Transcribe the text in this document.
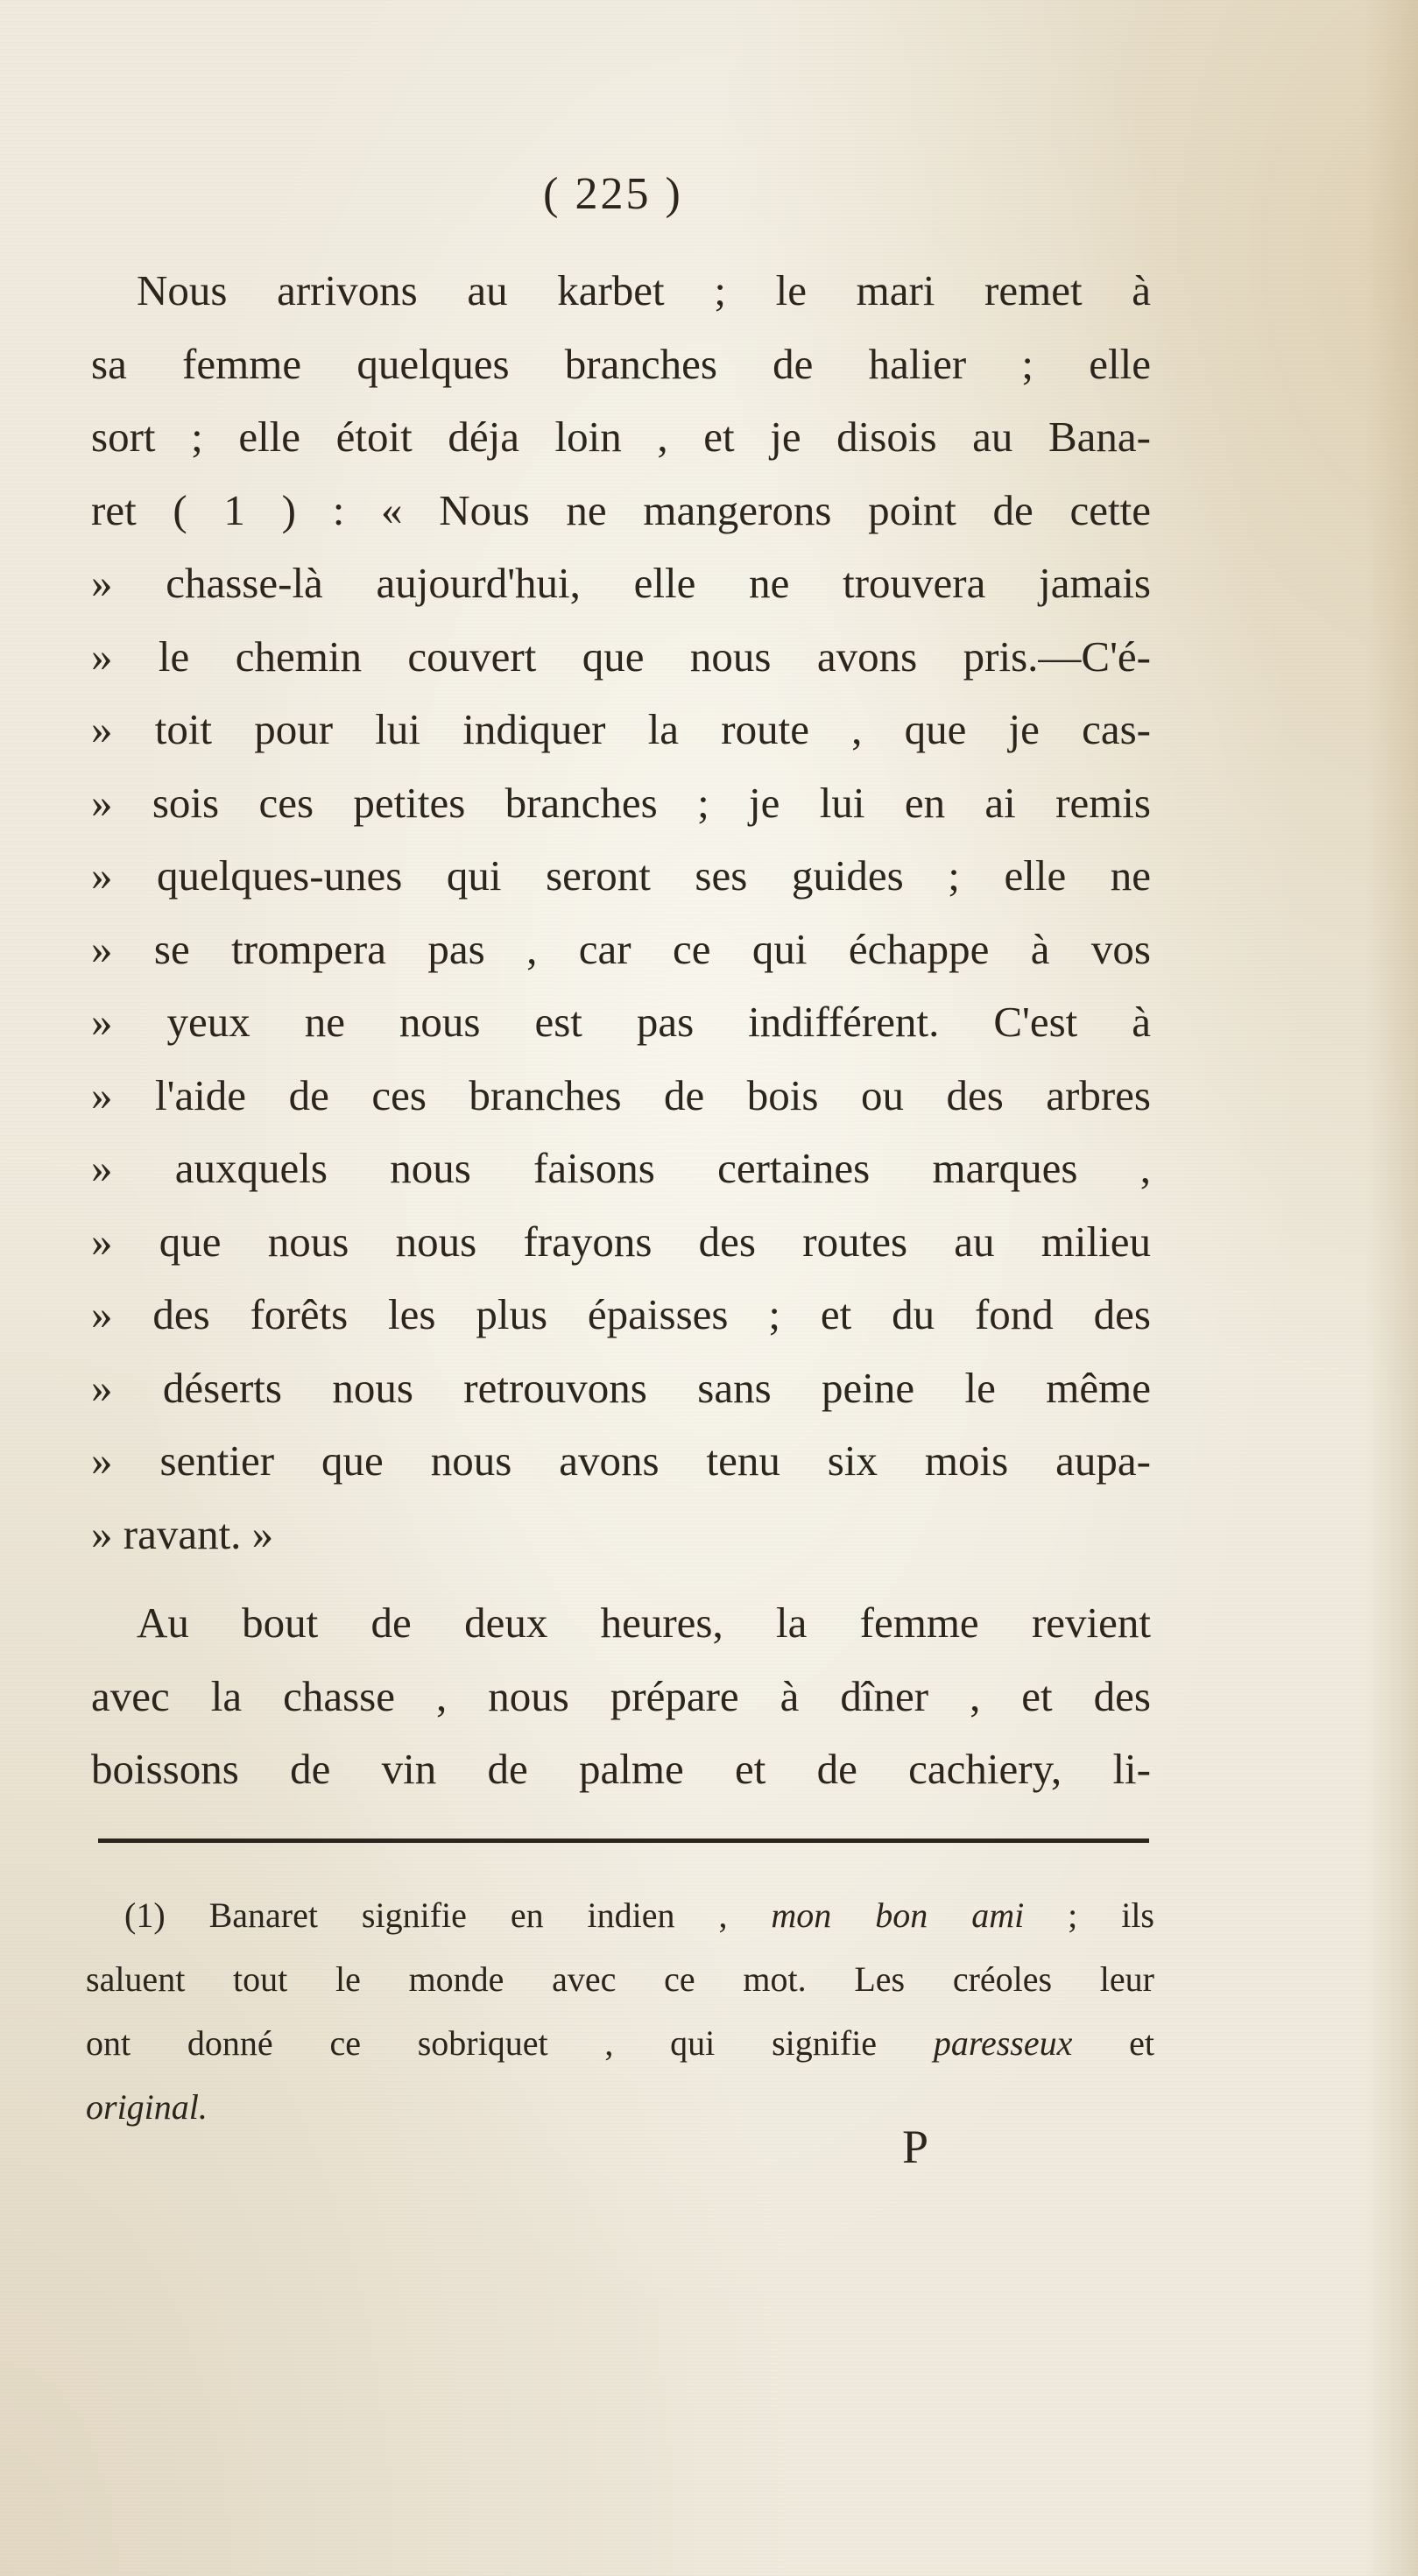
( 225 )
Nous arrivons au karbet ; le mari remet à
sa femme quelques branches de halier ; elle
sort ; elle étoit déja loin , et je disois au Bana-
ret ( 1 ) : « Nous ne mangerons point de cette
» chasse-là aujourd'hui, elle ne trouvera jamais
» le chemin couvert que nous avons pris.—C'é-
» toit pour lui indiquer la route , que je cas-
» sois ces petites branches ; je lui en ai remis
» quelques-unes qui seront ses guides ; elle ne
» se trompera pas , car ce qui échappe à vos
» yeux ne nous est pas indifférent. C'est à
» l'aide de ces branches de bois ou des arbres
» auxquels nous faisons certaines marques ,
» que nous nous frayons des routes au milieu
» des forêts les plus épaisses ; et du fond des
» déserts nous retrouvons sans peine le même
» sentier que nous avons tenu six mois aupa-
» ravant. »
Au bout de deux heures, la femme revient
avec la chasse , nous prépare à dîner , et des
boissons de vin de palme et de cachiery, li-
(1) Banaret signifie en indien , mon bon ami ; ils
saluent tout le monde avec ce mot. Les créoles leur
ont donné ce sobriquet , qui signifie paresseux et
original.
P
